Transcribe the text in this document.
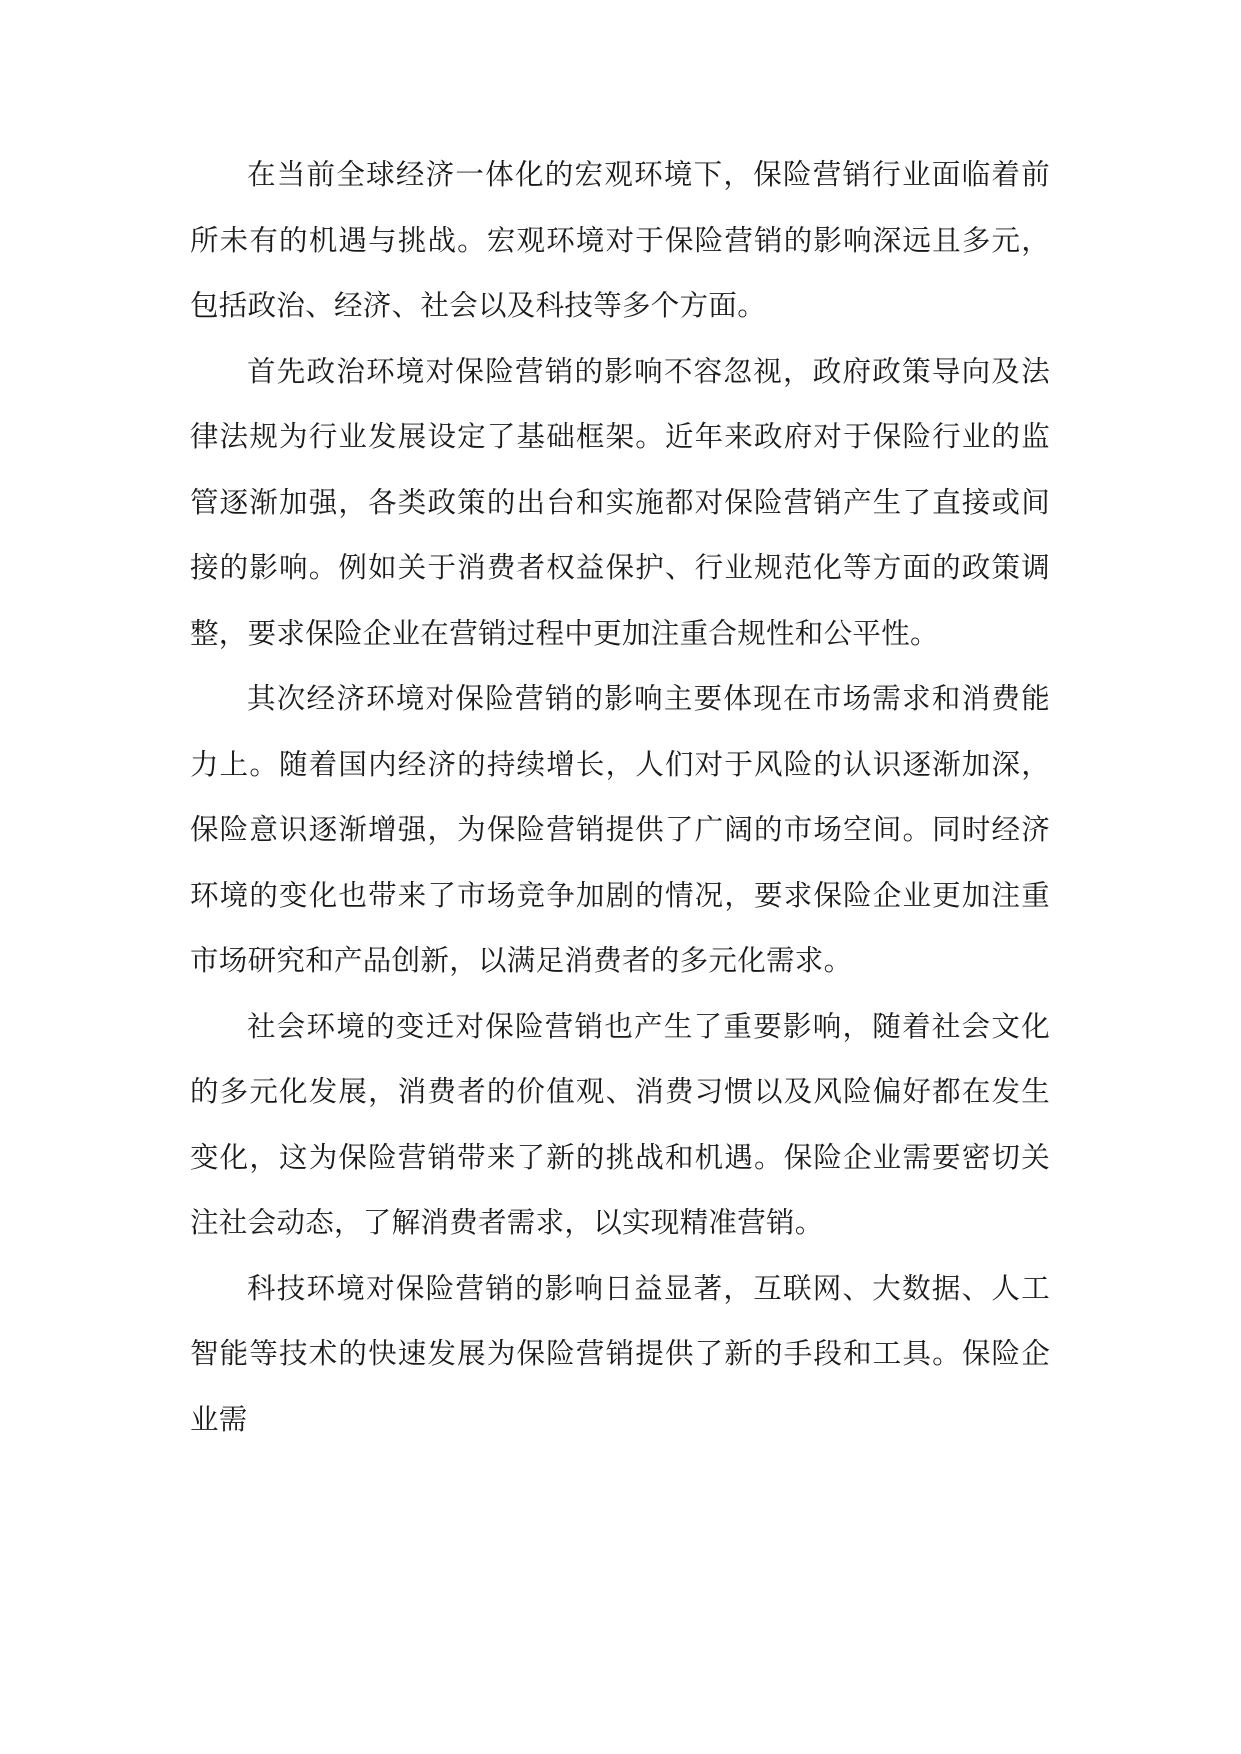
在当前全球经济一体化的宏观环境下，保险营销行业面临着前所未有的机遇与挑战。宏观环境对于保险营销的影响深远且多元，包括政治、经济、社会以及科技等多个方面。

首先政治环境对保险营销的影响不容忽视，政府政策导向及法律法规为行业发展设定了基础框架。近年来政府对于保险行业的监管逐渐加强，各类政策的出台和实施都对保险营销产生了直接或间接的影响。例如关于消费者权益保护、行业规范化等方面的政策调整，要求保险企业在营销过程中更加注重合规性和公平性。

其次经济环境对保险营销的影响主要体现在市场需求和消费能力上。随着国内经济的持续增长，人们对于风险的认识逐渐加深，保险意识逐渐增强，为保险营销提供了广阔的市场空间。同时经济环境的变化也带来了市场竞争加剧的情况，要求保险企业更加注重市场研究和产品创新，以满足消费者的多元化需求。

社会环境的变迁对保险营销也产生了重要影响，随着社会文化的多元化发展，消费者的价值观、消费习惯以及风险偏好都在发生变化，这为保险营销带来了新的挑战和机遇。保险企业需要密切关注社会动态，了解消费者需求，以实现精准营销。

科技环境对保险营销的影响日益显著，互联网、大数据、人工智能等技术的快速发展为保险营销提供了新的手段和工具。保险企业需
